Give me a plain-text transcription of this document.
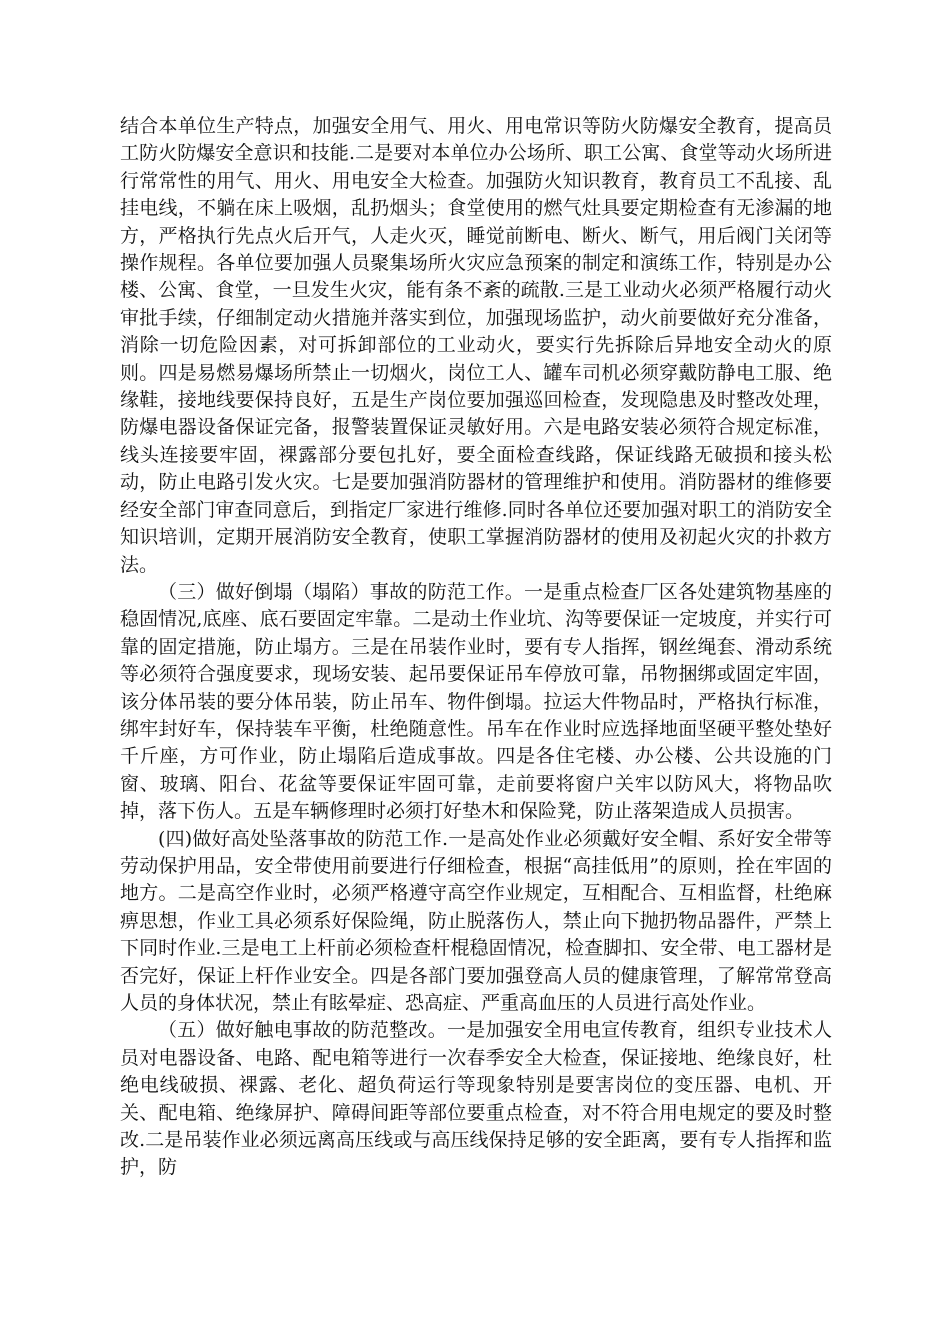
结合本单位生产特点，加强安全用气、用火、用电常识等防火防爆安全教育，提高员工防火防爆安全意识和技能.二是要对本单位办公场所、职工公寓、食堂等动火场所进行常常性的用气、用火、用电安全大检查。加强防火知识教育，教育员工不乱接、乱挂电线，不躺在床上吸烟，乱扔烟头；食堂使用的燃气灶具要定期检查有无渗漏的地方，严格执行先点火后开气，人走火灭，睡觉前断电、断火、断气，用后阀门关闭等操作规程。各单位要加强人员聚集场所火灾应急预案的制定和演练工作，特别是办公楼、公寓、食堂，一旦发生火灾，能有条不紊的疏散.三是工业动火必须严格履行动火审批手续，仔细制定动火措施并落实到位，加强现场监护，动火前要做好充分准备，消除一切危险因素，对可拆卸部位的工业动火，要实行先拆除后异地安全动火的原则。四是易燃易爆场所禁止一切烟火，岗位工人、罐车司机必须穿戴防静电工服、绝缘鞋，接地线要保持良好，五是生产岗位要加强巡回检查，发现隐患及时整改处理，防爆电器设备保证完备，报警装置保证灵敏好用。六是电路安装必须符合规定标准，线头连接要牢固，裸露部分要包扎好，要全面检查线路，保证线路无破损和接头松动，防止电路引发火灾。七是要加强消防器材的管理维护和使用。消防器材的维修要经安全部门审查同意后，到指定厂家进行维修.同时各单位还要加强对职工的消防安全知识培训，定期开展消防安全教育，使职工掌握消防器材的使用及初起火灾的扑救方法。

（三）做好倒塌（塌陷）事故的防范工作。一是重点检查厂区各处建筑物基座的稳固情况,底座、底石要固定牢靠。二是动土作业坑、沟等要保证一定坡度，并实行可靠的固定措施，防止塌方。三是在吊装作业时，要有专人指挥，钢丝绳套、滑动系统等必须符合强度要求，现场安装、起吊要保证吊车停放可靠，吊物捆绑或固定牢固，该分体吊装的要分体吊装，防止吊车、物件倒塌。拉运大件物品时，严格执行标准，绑牢封好车，保持装车平衡，杜绝随意性。吊车在作业时应选择地面坚硬平整处垫好千斤座，方可作业，防止塌陷后造成事故。四是各住宅楼、办公楼、公共设施的门窗、玻璃、阳台、花盆等要保证牢固可靠，走前要将窗户关牢以防风大，将物品吹掉，落下伤人。五是车辆修理时必须打好垫木和保险凳，防止落架造成人员损害。

(四)做好高处坠落事故的防范工作.一是高处作业必须戴好安全帽、系好安全带等劳动保护用品，安全带使用前要进行仔细检查，根据“高挂低用”的原则，拴在牢固的地方。二是高空作业时，必须严格遵守高空作业规定，互相配合、互相监督，杜绝麻痹思想，作业工具必须系好保险绳，防止脱落伤人，禁止向下抛扔物品器件，严禁上下同时作业.三是电工上杆前必须检查杆棍稳固情况，检查脚扣、安全带、电工器材是否完好，保证上杆作业安全。四是各部门要加强登高人员的健康管理，了解常常登高人员的身体状况，禁止有眩晕症、恐高症、严重高血压的人员进行高处作业。

（五）做好触电事故的防范整改。一是加强安全用电宣传教育，组织专业技术人员对电器设备、电路、配电箱等进行一次春季安全大检查，保证接地、绝缘良好，杜绝电线破损、裸露、老化、超负荷运行等现象特别是要害岗位的变压器、电机、开关、配电箱、绝缘屏护、障碍间距等部位要重点检查，对不符合用电规定的要及时整改.二是吊装作业必须远离高压线或与高压线保持足够的安全距离，要有专人指挥和监护，防
